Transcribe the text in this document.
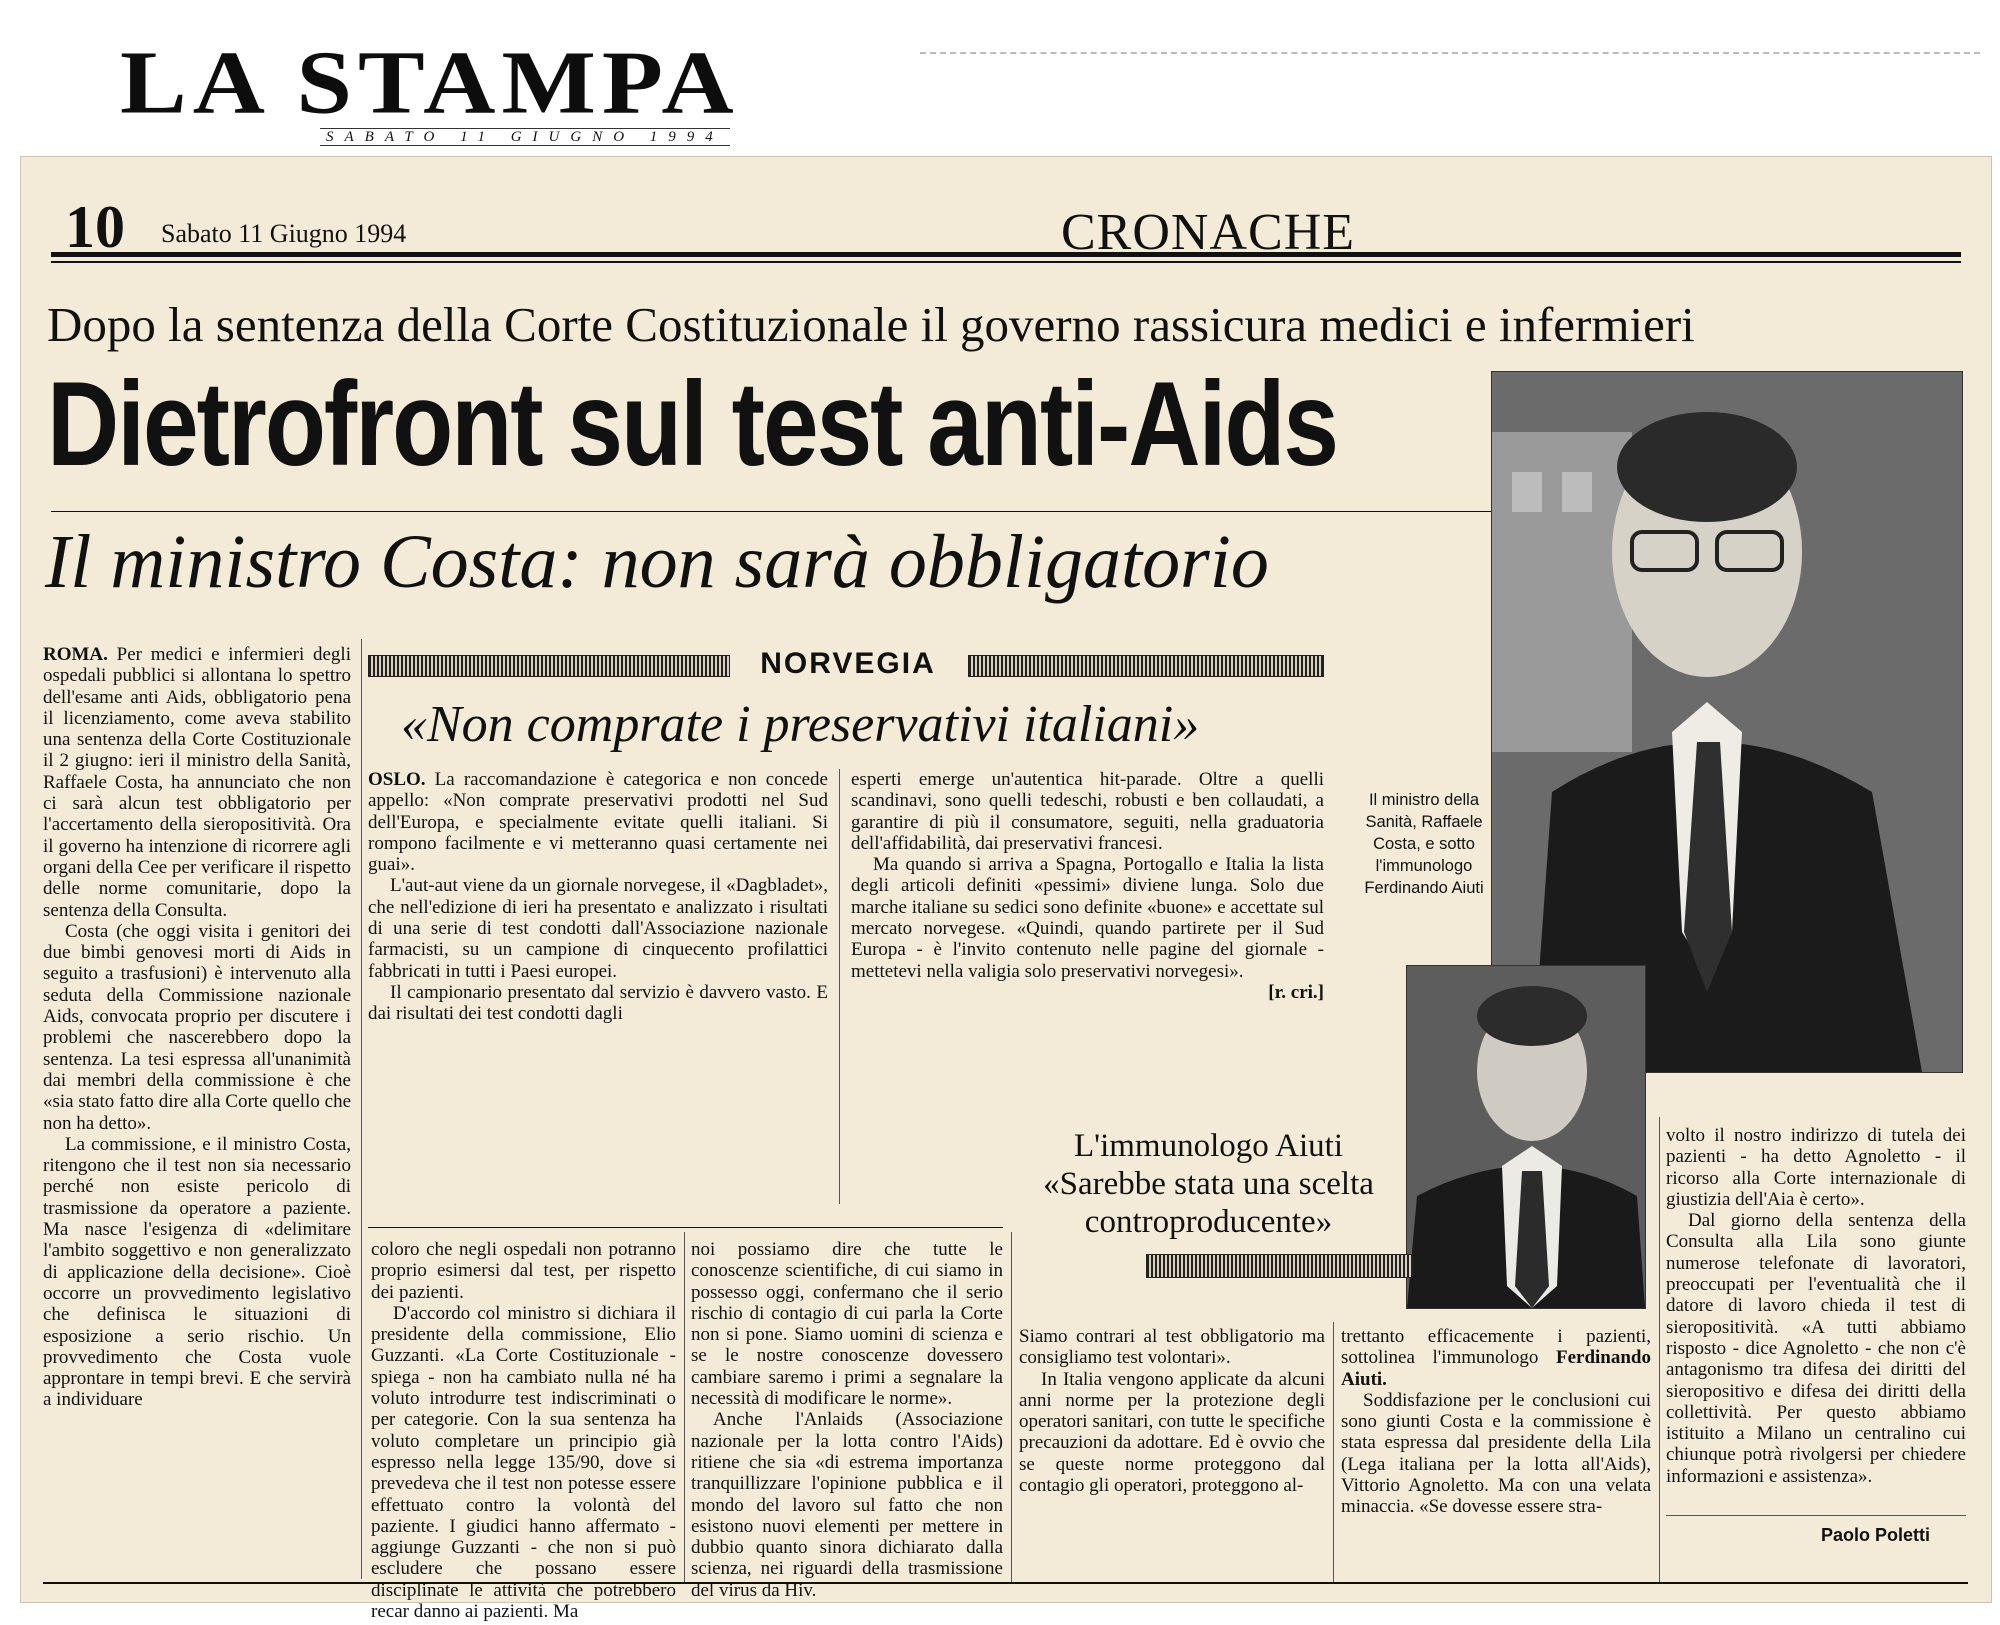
LA STAMPA
SABATO 11 GIUGNO 1994
10 Sabato 11 Giugno 1994	CRONACHE
Dopo la sentenza della Corte Costituzionale il governo rassicura medici e infermieri
Dietrofront sul test anti-Aids
Il ministro Costa: non sarà obbligatorio

ROMA. Per medici e infermieri degli ospedali pubblici si allontana lo spettro dell'esame anti Aids, obbligatorio pena il licenziamento, come aveva stabilito una sentenza della Corte Costituzionale il 2 giugno: ieri il ministro della Sanità, Raffaele Costa, ha annunciato che non ci sarà alcun test obbligatorio per l'accertamento della sieropositività. Ora il governo ha intenzione di ricorrere agli organi della Cee per verificare il rispetto delle norme comunitarie, dopo la sentenza della Consulta.

Costa (che oggi visita i genitori dei due bimbi genovesi morti di Aids in seguito a trasfusioni) è intervenuto alla seduta della Commissione nazionale Aids, convocata proprio per discutere i problemi che nascerebbero dopo la sentenza. La tesi espressa all'unanimità dai membri della commissione è che «sia stato fatto dire alla Corte quello che non ha detto».

La commissione, e il ministro Costa, ritengono che il test non sia necessario perché non esiste pericolo di trasmissione da operatore a paziente. Ma nasce l'esigenza di «delimitare l'ambito soggettivo e non generalizzato di applicazione della decisione». Cioè occorre un provvedimento legislativo che definisca le situazioni di esposizione a serio rischio. Un provvedimento che Costa vuole approntare in tempi brevi. E che servirà a individuare

NORVEGIA
«Non comprate i preservativi italiani»

OSLO. La raccomandazione è categorica e non concede appello: «Non comprate preservativi prodotti nel Sud dell'Europa, e specialmente evitate quelli italiani. Si rompono facilmente e vi metteranno quasi certamente nei guai».

L'aut-aut viene da un giornale norvegese, il «Dagbladet», che nell'edizione di ieri ha presentato e analizzato i risultati di una serie di test condotti dall'Associazione nazionale farmacisti, su un campione di cinquecento profilattici fabbricati in tutti i Paesi europei.

Il campionario presentato dal servizio è davvero vasto. E dai risultati dei test condotti dagli

esperti emerge un'autentica hit-parade. Oltre a quelli scandinavi, sono quelli tedeschi, robusti e ben collaudati, a garantire di più il consumatore, seguiti, nella graduatoria dell'affidabilità, dai preservativi francesi.

Ma quando si arriva a Spagna, Portogallo e Italia la lista degli articoli definiti «pessimi» diviene lunga. Solo due marche italiane su sedici sono definite «buone» e accettate sul mercato norvegese. «Quindi, quando partirete per il Sud Europa - è l'invito contenuto nelle pagine del giornale - mettetevi nella valigia solo preservativi norvegesi».

[r. cri.]

coloro che negli ospedali non potranno proprio esimersi dal test, per rispetto dei pazienti.

D'accordo col ministro si dichiara il presidente della commissione, Elio Guzzanti. «La Corte Costituzionale - spiega - non ha cambiato nulla né ha voluto introdurre test indiscriminati o per categorie. Con la sua sentenza ha voluto completare un principio già espresso nella legge 135/90, dove si prevedeva che il test non potesse essere effettuato contro la volontà del paziente. I giudici hanno affermato - aggiunge Guzzanti - che non si può escludere che possano essere disciplinate le attività che potrebbero recar danno ai pazienti. Ma

noi possiamo dire che tutte le conoscenze scientifiche, di cui siamo in possesso oggi, confermano che il serio rischio di contagio di cui parla la Corte non si pone. Siamo uomini di scienza e se le nostre conoscenze dovessero cambiare saremo i primi a segnalare la necessità di modificare le norme».

Anche l'Anlaids (Associazione nazionale per la lotta contro l'Aids) ritiene che sia «di estrema importanza tranquillizzare l'opinione pubblica e il mondo del lavoro sul fatto che non esistono nuovi elementi per mettere in dubbio quanto sinora dichiarato dalla scienza, nei riguardi della trasmissione del virus da Hiv.

Il ministro della Sanità, Raffaele Costa, e sotto l'immunologo Ferdinando Aiuti
L'immunologo Aiuti «Sarebbe stata una scelta controproducente»

Siamo contrari al test obbligatorio ma consigliamo test volontari».

In Italia vengono applicate da alcuni anni norme per la protezione degli operatori sanitari, con tutte le specifiche precauzioni da adottare. Ed è ovvio che se queste norme proteggono dal contagio gli operatori, proteggono al-

trettanto efficacemente i pazienti, sottolinea l'immunologo Ferdinando Aiuti.

Soddisfazione per le conclusioni cui sono giunti Costa e la commissione è stata espressa dal presidente della Lila (Lega italiana per la lotta all'Aids), Vittorio Agnoletto. Ma con una velata minaccia. «Se dovesse essere stra-

volto il nostro indirizzo di tutela dei pazienti - ha detto Agnoletto - il ricorso alla Corte internazionale di giustizia dell'Aia è certo».

Dal giorno della sentenza della Consulta alla Lila sono giunte numerose telefonate di lavoratori, preoccupati per l'eventualità che il datore di lavoro chieda il test di sieropositività. «A tutti abbiamo risposto - dice Agnoletto - che non c'è antagonismo tra difesa dei diritti del sieropositivo e difesa dei diritti della collettività. Per questo abbiamo istituito a Milano un centralino cui chiunque potrà rivolgersi per chiedere informazioni e assistenza».

Paolo Poletti
